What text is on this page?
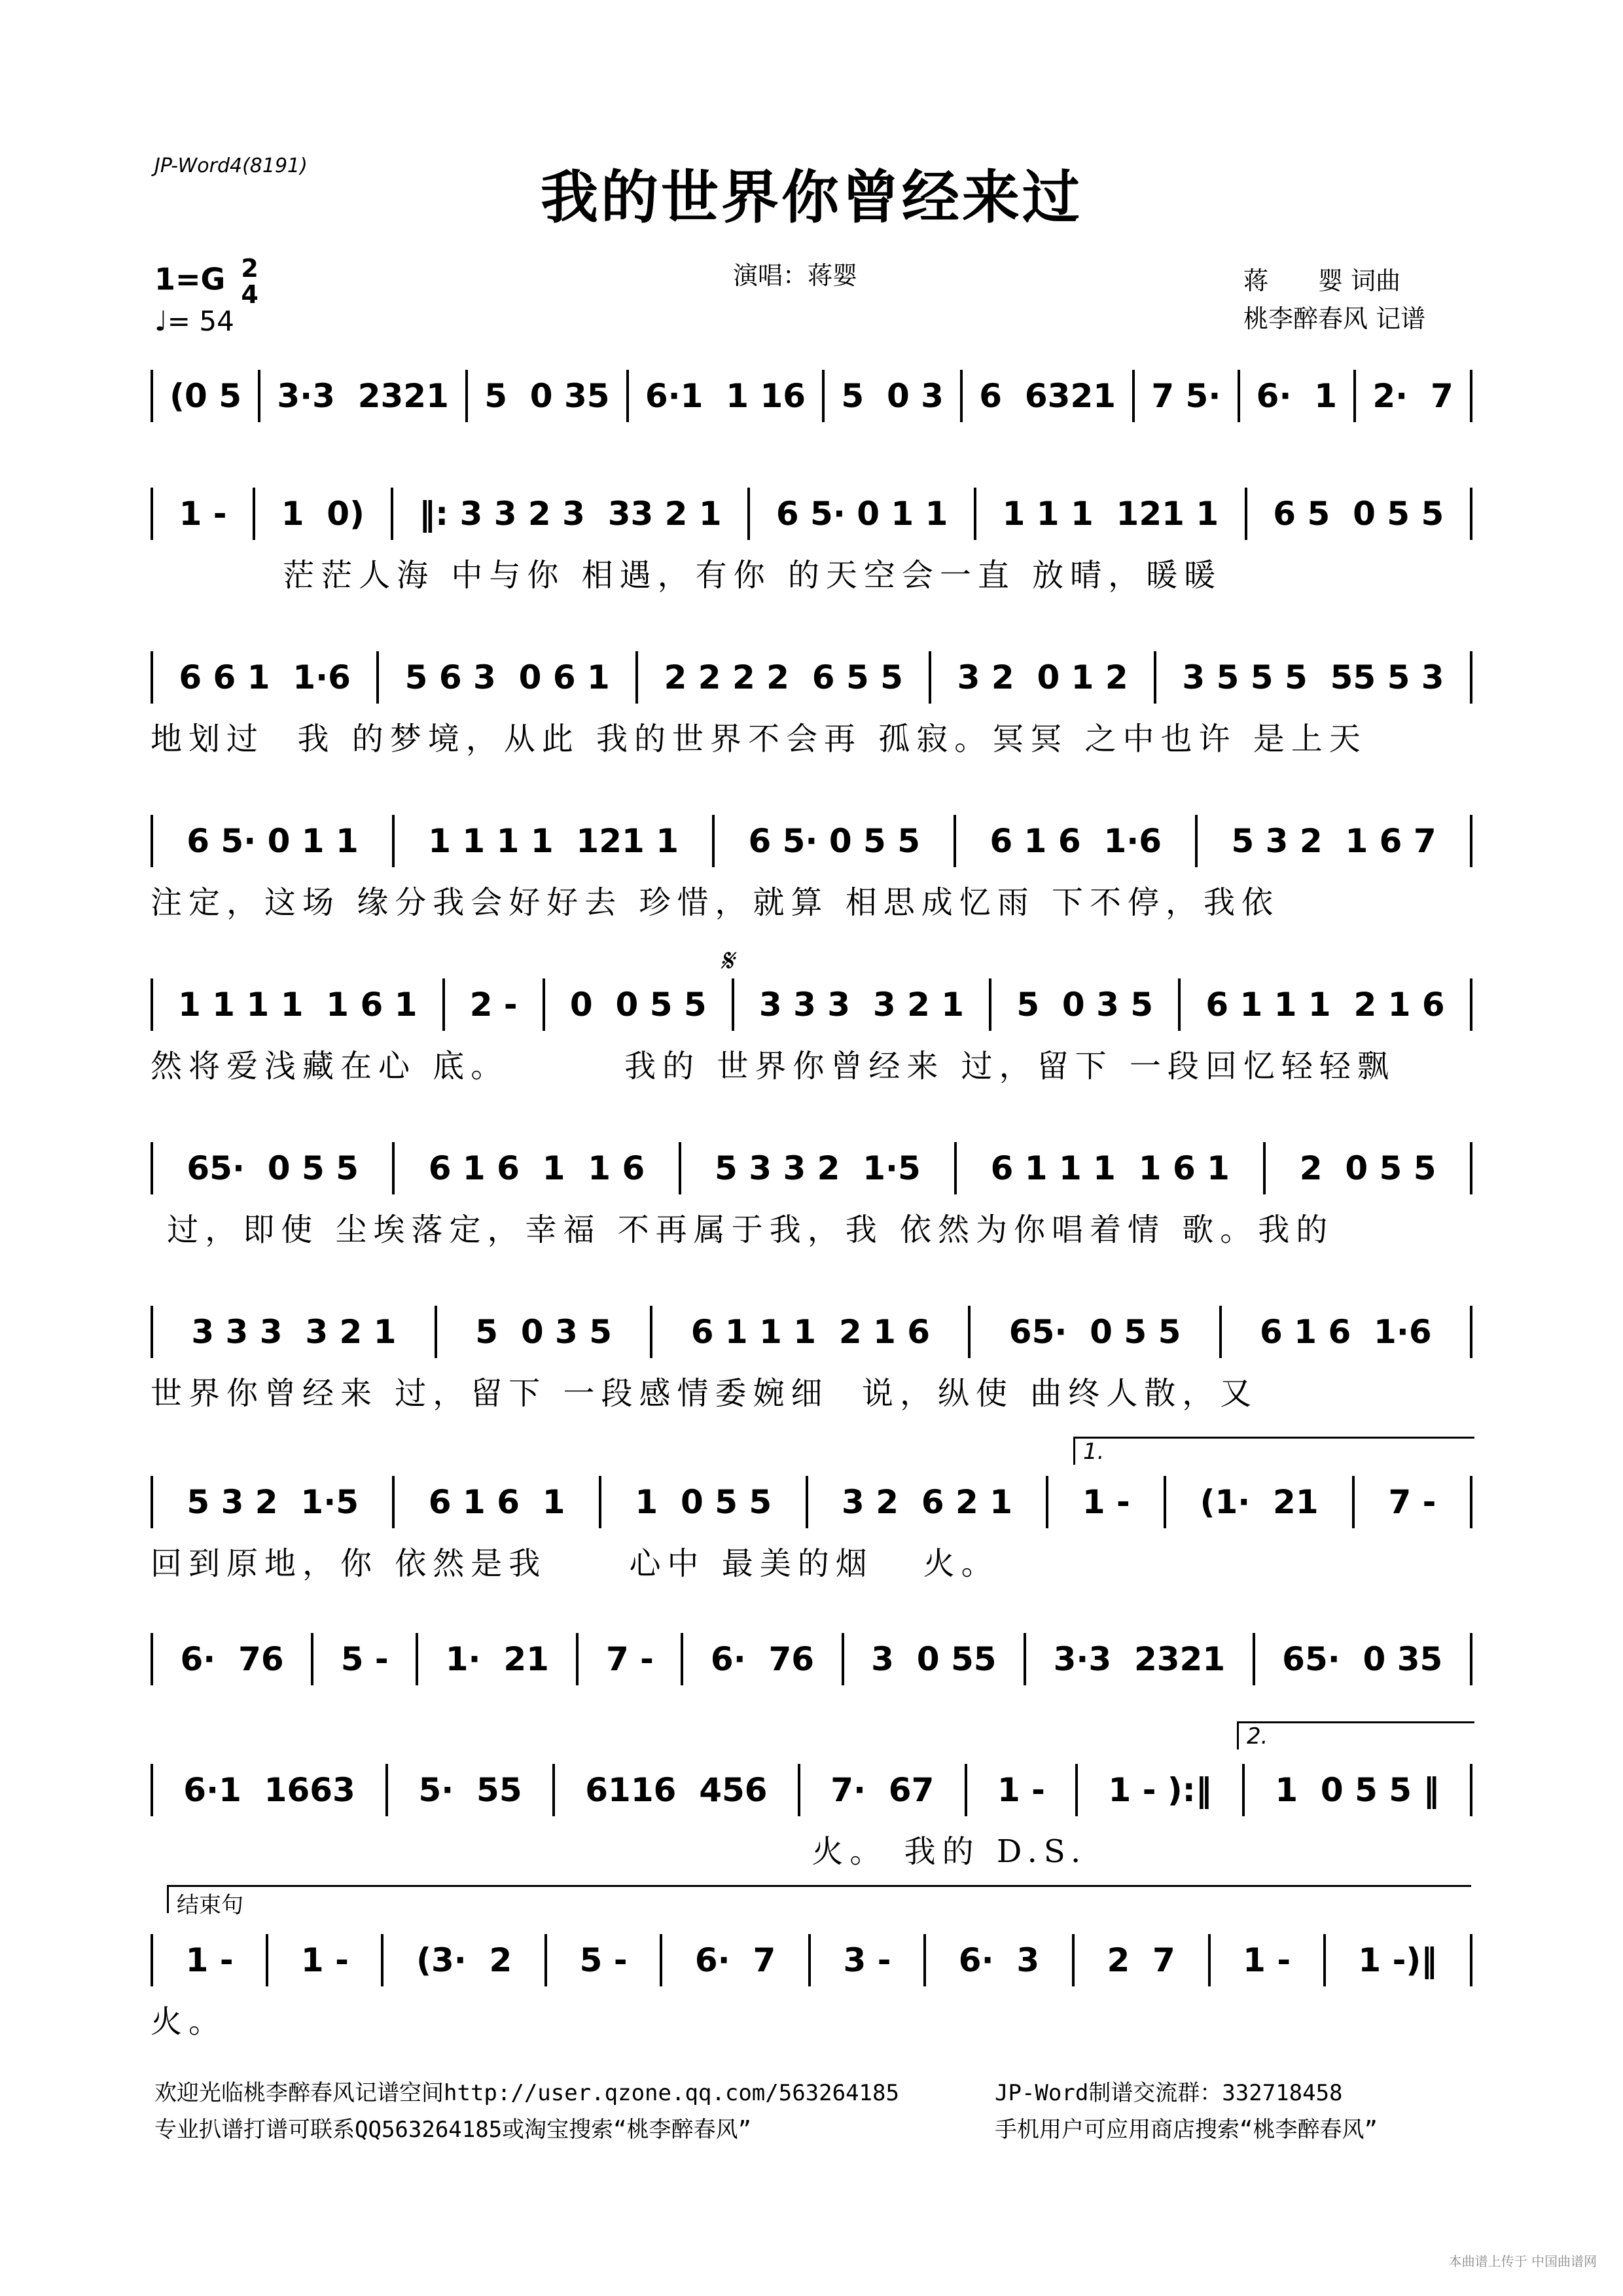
JP-Word4(8191)	我的世界你曾经来过
1=G 2
4
♩= 54
演唱：蒋婴	蒋　　婴 词曲
桃李醉春风 记谱
(0 5 3·3  2321 5  0 35 6·1  1 16 5  0 3 6  6321 7 5· 6·  1 2·  7
1 - 1  0) ‖: 3 3 2 3  33 2 1 6 5· 0 1 1 1 1 1  121 1 6 5  0 5 5
茫茫人海 中与你 相遇，有你 的天空会一直 放晴，暖暖
6 6 1  1·6 5 6 3  0 6 1 2 2 2 2  6 5 5 3 2  0 1 2 3 5 5 5  55 5 3
地划过  我 的梦境，从此 我的世界不会再 孤寂。冥冥 之中也许 是上天
6 5· 0 1 1 1 1 1 1  121 1 6 5· 0 5 5 6 1 6  1·6 5 3 2  1 6 7
注定，这场 缘分我会好好去 珍惜，就算 相思成忆雨 下不停，我依
1 1 1 1  1 6 1 2 - 0  0 5 5 3 3 3  3 2 1 5  0 3 5 6 1 1 1  2 1 6
然将爱浅藏在心 底。       我的 世界你曾经来 过，留下 一段回忆轻轻飘
65·  0 5 5 6 1 6  1  1 6 5 3 3 2  1·5 6 1 1 1  1 6 1 2  0 5 5
过，即使 尘埃落定，幸福 不再属于我，我 依然为你唱着情 歌。我的
3 3 3  3 2 1 5  0 3 5 6 1 1 1  2 1 6 65·  0 5 5 6 1 6  1·6
世界你曾经来 过，留下 一段感情委婉细  说，纵使 曲终人散，又
5 3 2  1·5 6 1 6  1 1  0 5 5 3 2  6 2 1 1 - (1·  21 7 -
回到原地，你 依然是我     心中 最美的烟   火。
6·  76 5 - 1·  21 7 - 6·  76 3  0 55 3·3  2321 65·  0 35
6·1  1663 5·  55 6116  456 7·  67 1 - 1 - ):‖ 1  0 5 5 ‖
火。 我的 D.S.
1 - 1 - (3·  2 5 - 6·  7 3 - 6·  3 2  7 1 - 1 -)‖
火。
𝄋
1.
2.
结束句
欢迎光临桃李醉春风记谱空间http://user.qzone.qq.com/563264185	JP-Word制谱交流群：332718458
专业扒谱打谱可联系QQ563264185或淘宝搜索“桃李醉春风”	手机用户可应用商店搜索“桃李醉春风”
本曲谱上传于 中国曲谱网
